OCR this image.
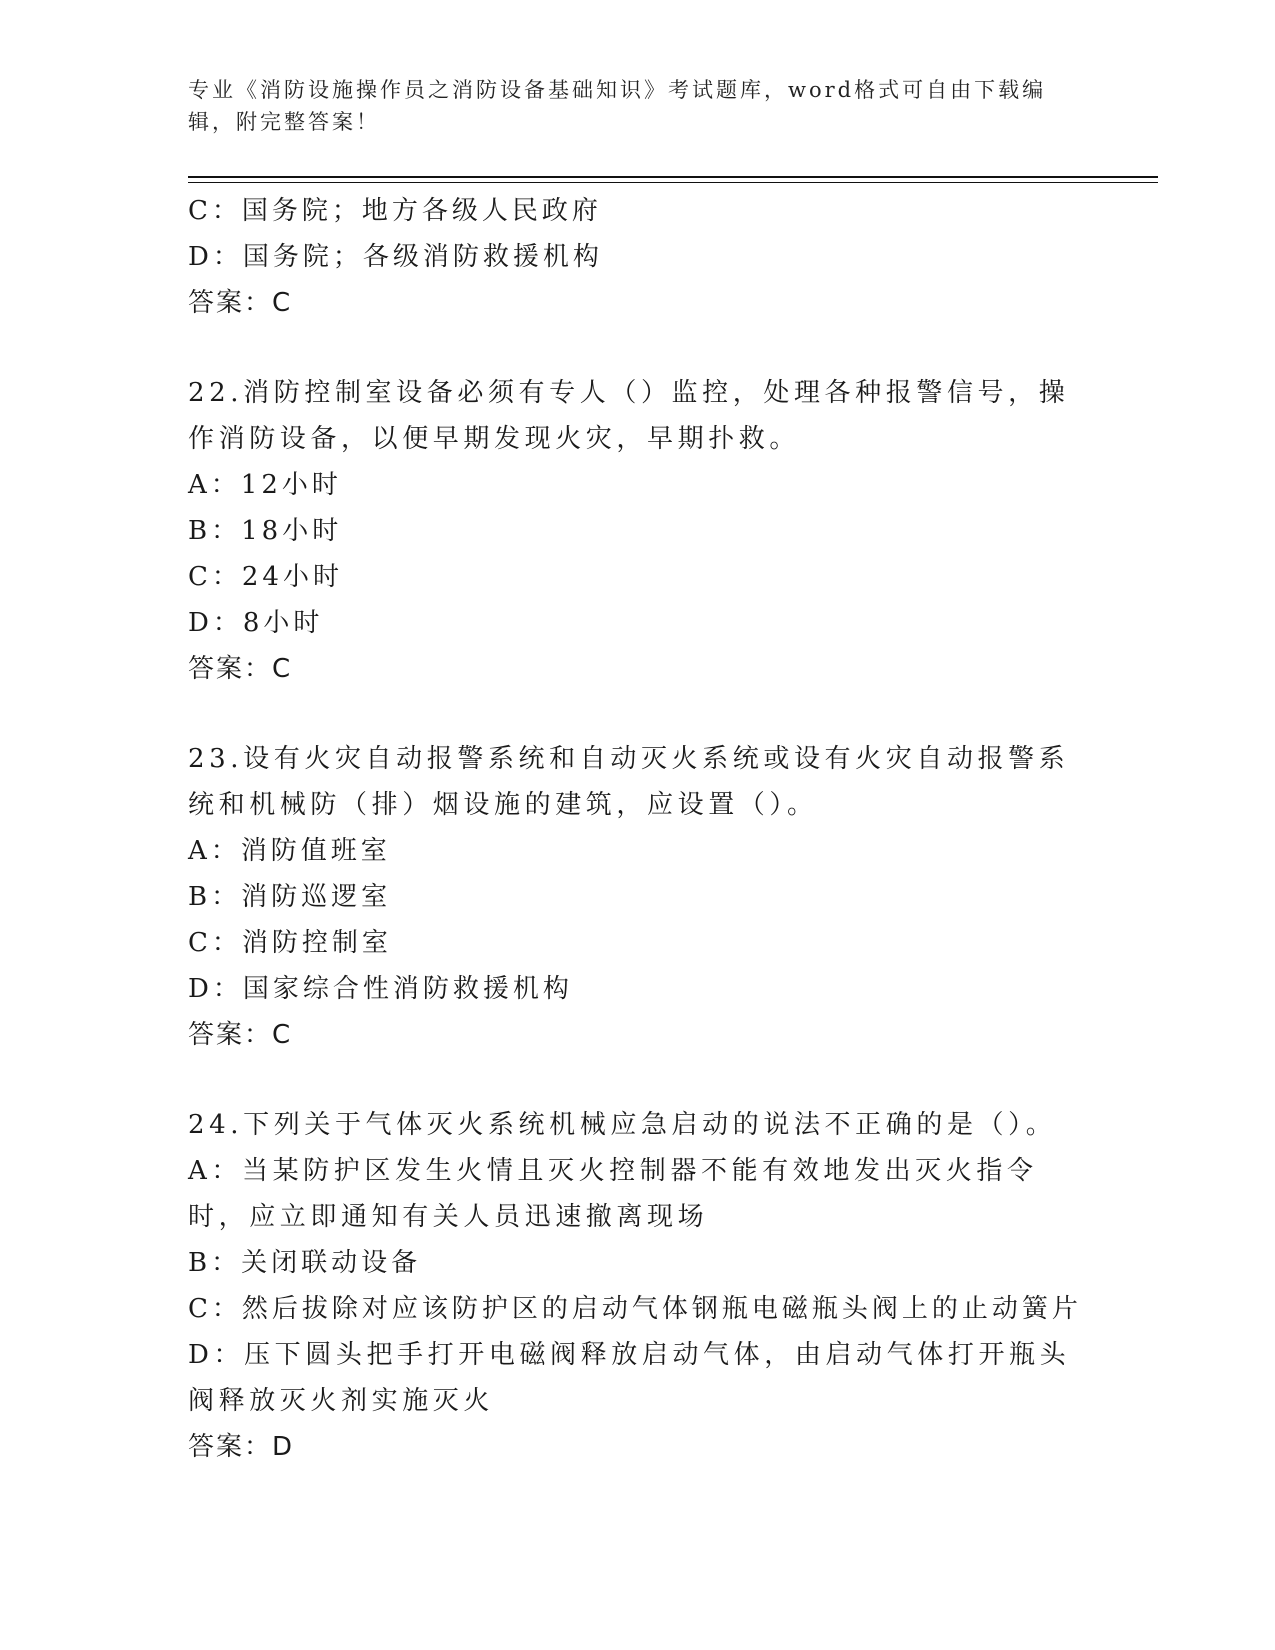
专业《消防设施操作员之消防设备基础知识》考试题库，word格式可自由下载编辑，附完整答案！
C：国务院；地方各级人民政府
D：国务院；各级消防救援机构
答案：C
22.消防控制室设备必须有专人（）监控，处理各种报警信号，操作消防设备，以便早期发现火灾，早期扑救。
A：12小时
B：18小时
C：24小时
D：8小时
答案：C
23.设有火灾自动报警系统和自动灭火系统或设有火灾自动报警系统和机械防（排）烟设施的建筑，应设置（）。
A：消防值班室
B：消防巡逻室
C：消防控制室
D：国家综合性消防救援机构
答案：C
24.下列关于气体灭火系统机械应急启动的说法不正确的是（）。
A：当某防护区发生火情且灭火控制器不能有效地发出灭火指令时，应立即通知有关人员迅速撤离现场
B：关闭联动设备
C：然后拔除对应该防护区的启动气体钢瓶电磁瓶头阀上的止动簧片
D：压下圆头把手打开电磁阀释放启动气体，由启动气体打开瓶头阀释放灭火剂实施灭火
答案：D
